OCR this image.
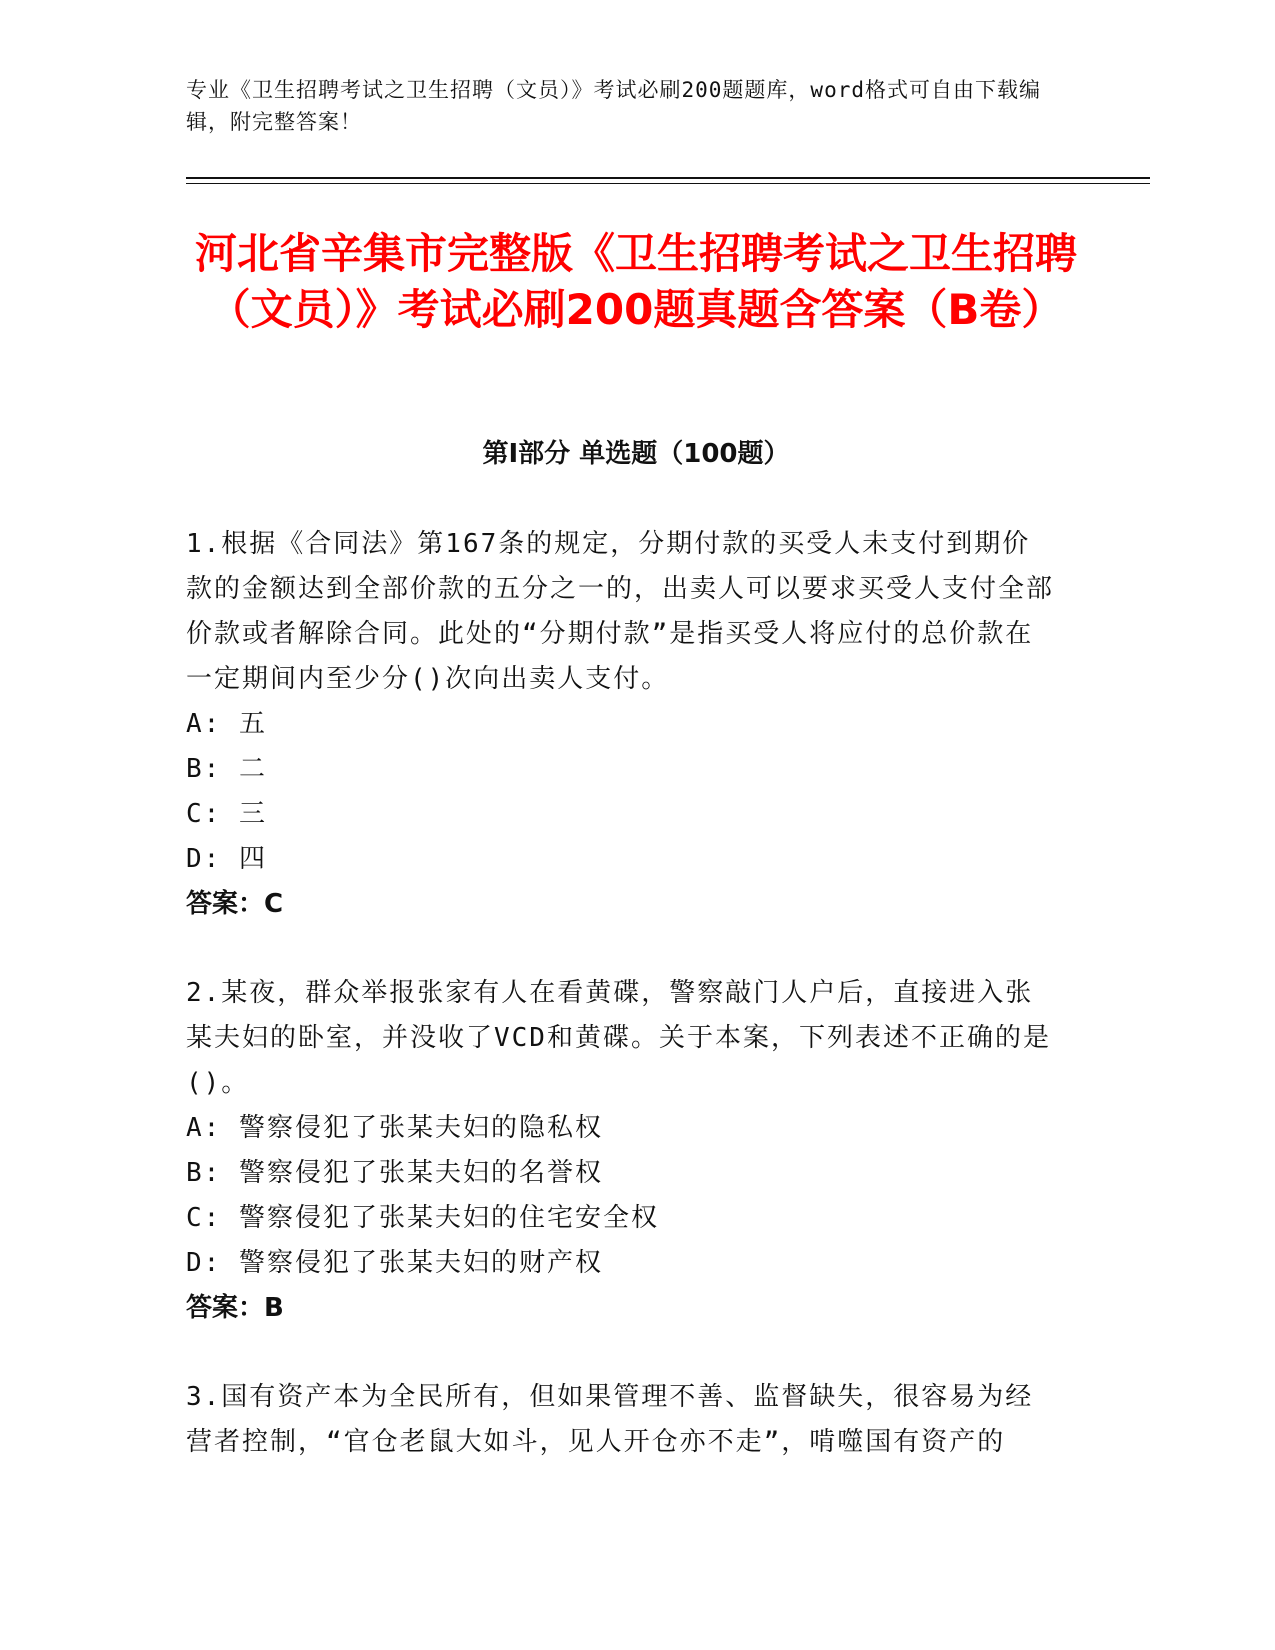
专业《卫生招聘考试之卫生招聘（文员）》考试必刷200题题库，word格式可自由下载编辑，附完整答案！
河北省辛集市完整版《卫生招聘考试之卫生招聘（文员）》考试必刷200题真题含答案（B卷）
第Ⅰ部分 单选题（100题）

1.根据《合同法》第167条的规定，分期付款的买受人未支付到期价款的金额达到全部价款的五分之一的，出卖人可以要求买受人支付全部价款或者解除合同。此处的“分期付款”是指买受人将应付的总价款在一定期间内至少分()次向出卖人支付。

A: 五

B: 二

C: 三

D: 四

答案：C

2.某夜，群众举报张家有人在看黄碟，警察敲门人户后，直接进入张某夫妇的卧室，并没收了VCD和黄碟。关于本案，下列表述不正确的是()。

A: 警察侵犯了张某夫妇的隐私权

B: 警察侵犯了张某夫妇的名誉权

C: 警察侵犯了张某夫妇的住宅安全权

D: 警察侵犯了张某夫妇的财产权

答案：B

3.国有资产本为全民所有，但如果管理不善、监督缺失，很容易为经营者控制，“官仓老鼠大如斗，见人开仓亦不走”，啃噬国有资产的
